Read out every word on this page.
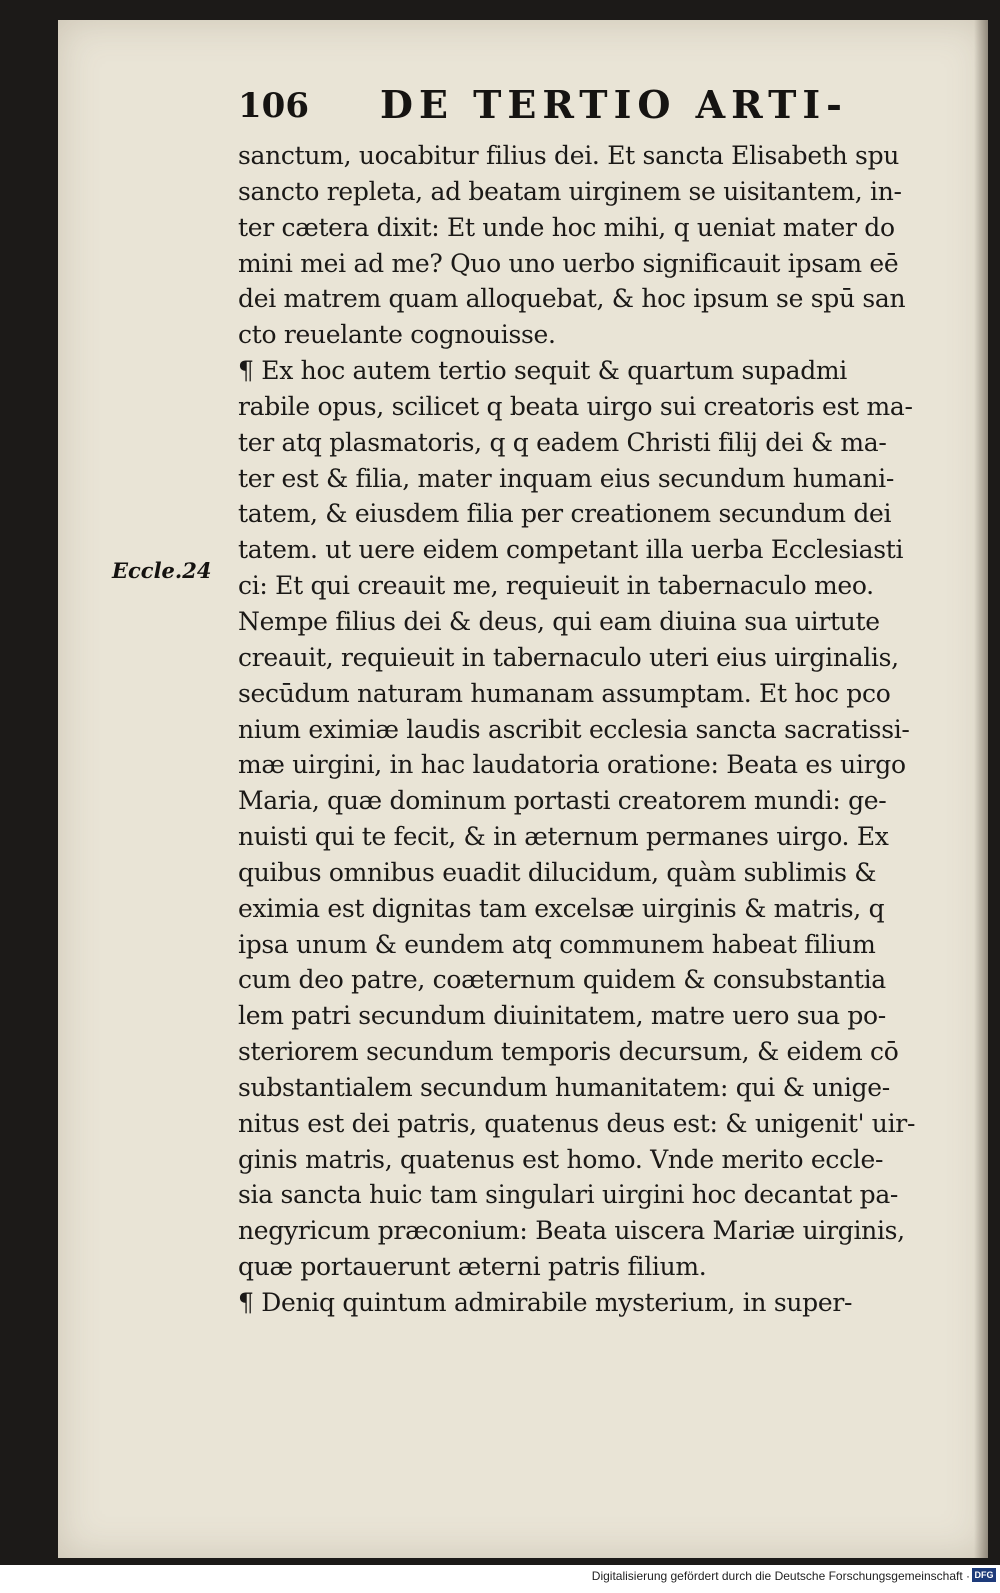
106 DE TERTIO ARTI-
Eccle.24
sanctum, uocabitur filius dei. Et sancta Elisabeth spu
sancto repleta, ad beatam uirginem se uisitantem, in-
ter cætera dixit: Et unde hoc mihi, q ueniat mater do
mini mei ad me? Quo uno uerbo significauit ipsam eē
dei matrem quam alloquebat, & hoc ipsum se spū san
cto reuelante cognouisse.
¶ Ex hoc autem tertio sequit & quartum supadmi
rabile opus, scilicet q beata uirgo sui creatoris est ma-
ter atq plasmatoris, q q eadem Christi filij dei & ma-
ter est & filia, mater inquam eius secundum humani-
tatem, & eiusdem filia per creationem secundum dei
tatem. ut uere eidem competant illa uerba Ecclesiasti
ci: Et qui creauit me, requieuit in tabernaculo meo.
Nempe filius dei & deus, qui eam diuina sua uirtute
creauit, requieuit in tabernaculo uteri eius uirginalis,
secūdum naturam humanam assumptam. Et hoc pco
nium eximiæ laudis ascribit ecclesia sancta sacratissi-
mæ uirgini, in hac laudatoria oratione: Beata es uirgo
Maria, quæ dominum portasti creatorem mundi: ge-
nuisti qui te fecit, & in æternum permanes uirgo. Ex
quibus omnibus euadit dilucidum, quàm sublimis &
eximia est dignitas tam excelsæ uirginis & matris, q
ipsa unum & eundem atq communem habeat filium
cum deo patre, coæternum quidem & consubstantia
lem patri secundum diuinitatem, matre uero sua po-
steriorem secundum temporis decursum, & eidem cō
substantialem secundum humanitatem: qui & unige-
nitus est dei patris, quatenus deus est: & unigenit' uir-
ginis matris, quatenus est homo. Vnde merito eccle-
sia sancta huic tam singulari uirgini hoc decantat pa-
negyricum præconium: Beata uiscera Mariæ uirginis,
quæ portauerunt æterni patris filium.
¶ Deniq quintum admirabile mysterium, in super-
Digitalisierung gefördert durch die Deutsche Forschungsgemeinschaft · DFG
